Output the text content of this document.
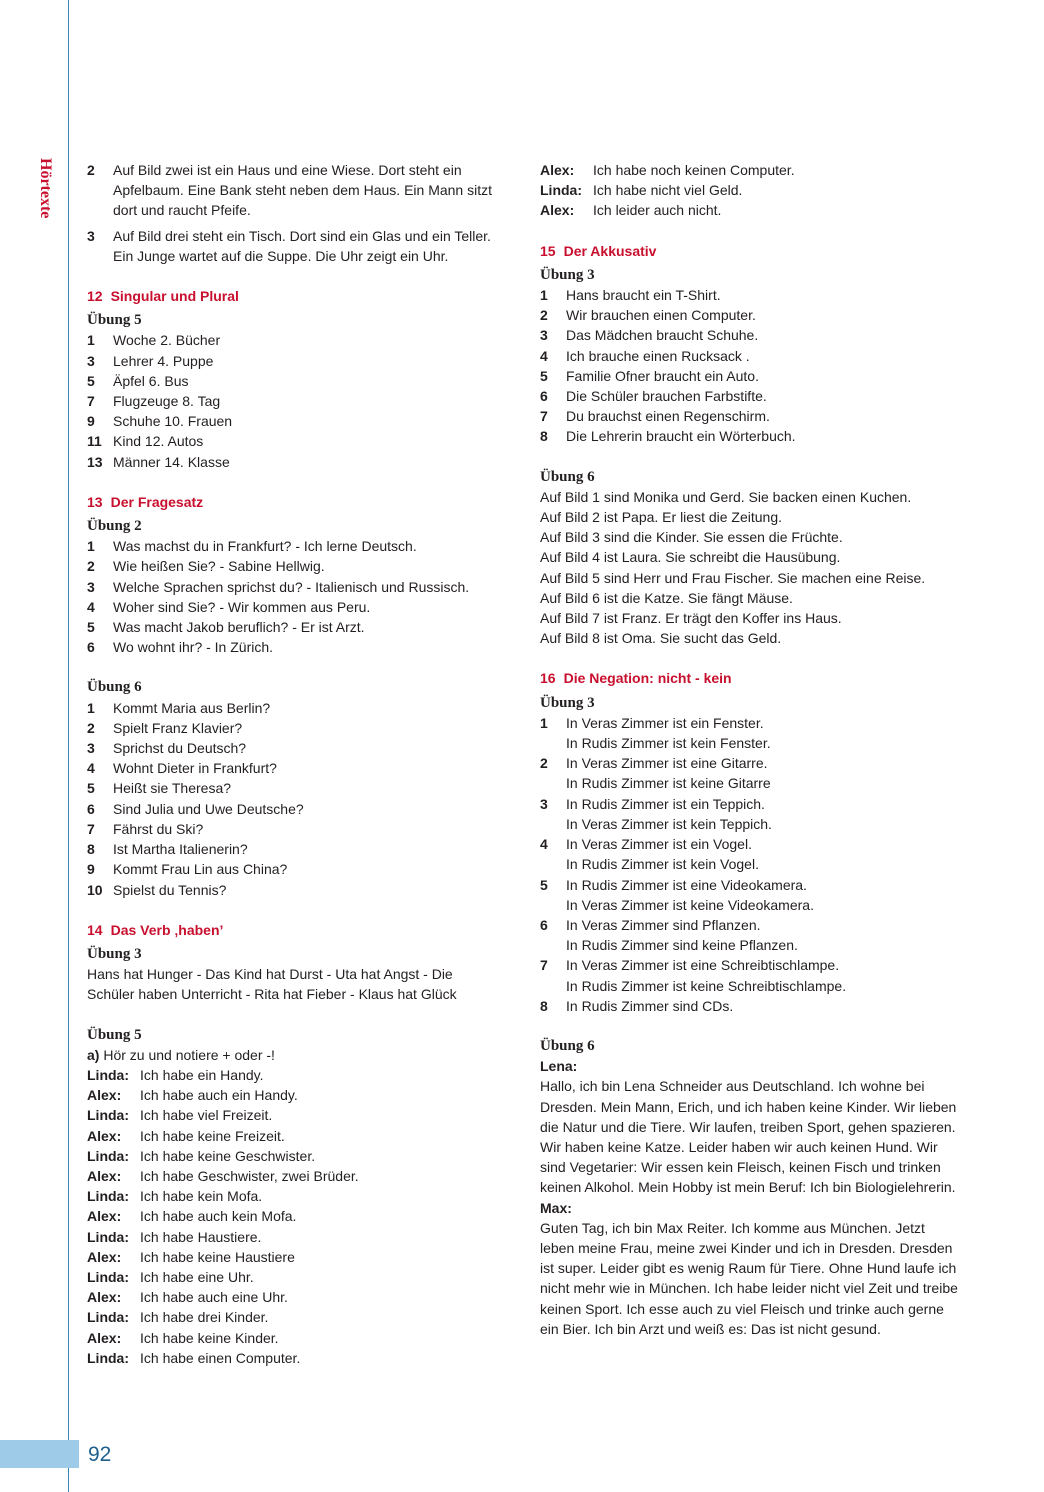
Hörtexte
92
2	Auf Bild zwei ist ein Haus und eine Wiese. Dort steht ein Apfelbaum. Eine Bank steht neben dem Haus. Ein Mann sitzt dort und raucht Pfeife.
3	Auf Bild drei steht ein Tisch. Dort sind ein Glas und ein Teller. Ein Junge wartet auf die Suppe. Die Uhr zeigt ein Uhr.
12 Singular und Plural
Übung 5
1	Woche 2. Bücher
3	Lehrer 4. Puppe
5	Äpfel 6. Bus
7	Flugzeuge 8. Tag
9	Schuhe 10. Frauen
11 Kind 12. Autos
13 Männer 14. Klasse
13 Der Fragesatz
Übung 2
1	Was machst du in Frankfurt? - Ich lerne Deutsch.
2	Wie heißen Sie? - Sabine Hellwig.
3	Welche Sprachen sprichst du? - Italienisch und Russisch.
4	Woher sind Sie? - Wir kommen aus Peru.
5	Was macht Jakob beruflich? - Er ist Arzt.
6	Wo wohnt ihr? - In Zürich.
Übung 6
1	Kommt Maria aus Berlin?
2	Spielt Franz Klavier?
3	Sprichst du Deutsch?
4	Wohnt Dieter in Frankfurt?
5	Heißt sie Theresa?
6	Sind Julia und Uwe Deutsche?
7	Fährst du Ski?
8	Ist Martha Italienerin?
9	Kommt Frau Lin aus China?
10 Spielst du Tennis?
14 Das Verb ‚haben’
Übung 3
Hans hat Hunger - Das Kind hat Durst - Uta hat Angst - Die Schüler haben Unterricht - Rita hat Fieber - Klaus hat Glück
Übung 5
a) Hör zu und notiere + oder -!
Linda: Ich habe ein Handy.
Alex:	Ich habe auch ein Handy.
Linda: Ich habe viel Freizeit.
Alex:	Ich habe keine Freizeit.
Linda: Ich habe keine Geschwister.
Alex:	Ich habe Geschwister, zwei Brüder.
Linda: Ich habe kein Mofa.
Alex:	Ich habe auch kein Mofa.
Linda: Ich habe Haustiere.
Alex:	Ich habe keine Haustiere
Linda: Ich habe eine Uhr.
Alex:	Ich habe auch eine Uhr.
Linda: Ich habe drei Kinder.
Alex:	Ich habe keine Kinder.
Linda: Ich habe einen Computer.
Alex:	Ich habe noch keinen Computer.
Linda: Ich habe nicht viel Geld.
Alex:	Ich leider auch nicht.
15 Der Akkusativ
Übung 3
1	Hans braucht ein T-Shirt.
2	Wir brauchen einen Computer.
3	Das Mädchen braucht Schuhe.
4	Ich brauche einen Rucksack .
5	Familie Ofner braucht ein Auto.
6	Die Schüler brauchen Farbstifte.
7	Du brauchst einen Regenschirm.
8	Die Lehrerin braucht ein Wörterbuch.
Übung 6
Auf Bild 1 sind Monika und Gerd. Sie backen einen Kuchen.
Auf Bild 2 ist Papa. Er liest die Zeitung.
Auf Bild 3 sind die Kinder. Sie essen die Früchte.
Auf Bild 4 ist Laura. Sie schreibt die Hausübung.
Auf Bild 5 sind Herr und Frau Fischer. Sie machen eine Reise.
Auf Bild 6 ist die Katze. Sie fängt Mäuse.
Auf Bild 7 ist Franz. Er trägt den Koffer ins Haus.
Auf Bild 8 ist Oma. Sie sucht das Geld.
16 Die Negation: nicht - kein
Übung 3
1	In Veras Zimmer ist ein Fenster.
In Rudis Zimmer ist kein Fenster.
2	In Veras Zimmer ist eine Gitarre.
In Rudis Zimmer ist keine Gitarre
3	In Rudis Zimmer ist ein Teppich.
In Veras Zimmer ist kein Teppich.
4	In Veras Zimmer ist ein Vogel.
In Rudis Zimmer ist kein Vogel.
5	In Rudis Zimmer ist eine Videokamera.
In Veras Zimmer ist keine Videokamera.
6	In Veras Zimmer sind Pflanzen.
In Rudis Zimmer sind keine Pflanzen.
7	In Veras Zimmer ist eine Schreibtischlampe.
In Rudis Zimmer ist keine Schreibtischlampe.
8	In Rudis Zimmer sind CDs.
Übung 6
Lena:
Hallo, ich bin Lena Schneider aus Deutschland. Ich wohne bei Dresden. Mein Mann, Erich, und ich haben keine Kinder. Wir lieben die Natur und die Tiere. Wir laufen, treiben Sport, gehen spazieren. Wir haben keine Katze. Leider haben wir auch keinen Hund. Wir sind Vegetarier: Wir essen kein Fleisch, keinen Fisch und trinken keinen Alkohol. Mein Hobby ist mein Beruf: Ich bin Biologielehrerin.
Max:
Guten Tag, ich bin Max Reiter. Ich komme aus München. Jetzt leben meine Frau, meine zwei Kinder und ich in Dresden. Dresden ist super. Leider gibt es wenig Raum für Tiere. Ohne Hund laufe ich nicht mehr wie in München. Ich habe leider nicht viel Zeit und treibe keinen Sport. Ich esse auch zu viel Fleisch und trinke auch gerne ein Bier. Ich bin Arzt und weiß es: Das ist nicht gesund.
